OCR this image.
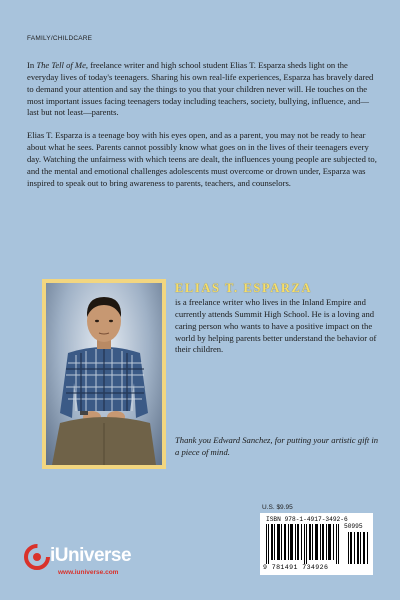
FAMILY/CHILDCARE

In The Tell of Me, freelance writer and high school student Elias T. Esparza sheds light on the everyday lives of today's teenagers. Sharing his own real-life experiences, Esparza has bravely dared to demand your attention and say the things to you that your children never will. He touches on the most important issues facing teenagers today including teachers, society, bullying, influence, and—last but not least—parents.

Elias T. Esparza is a teenage boy with his eyes open, and as a parent, you may not be ready to hear about what he sees. Parents cannot possibly know what goes on in the lives of their teenagers every day. Watching the unfairness with which teens are dealt, the influences young people are subjected to, and the mental and emotional challenges adolescents must overcome or drown under, Esparza was inspired to speak out to bring awareness to parents, teachers, and counselors.

ELIAS T. ESPARZA
is a freelance writer who lives in the Inland Empire and currently attends Summit High School. He is a loving and caring person who wants to have a positive impact on the world by helping parents better understand the behavior of their children.
Thank you Edward Sanchez, for putting your artistic gift in a piece of mind.
U.S. $9.95
ISBN 978-1-4917-3492-6
50995
9 781491 734926
iUniverse
www.iuniverse.com
